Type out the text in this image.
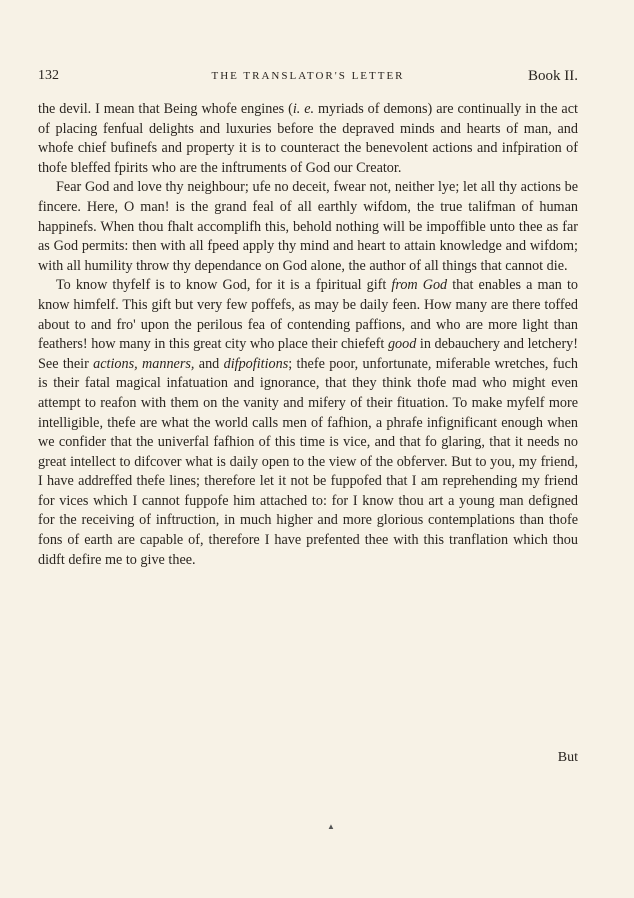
132	THE TRANSLATOR'S LETTER	Book II.

the devil. I mean that Being whofe engines (i. e. myriads of demons) are continually in the act of placing fenfual delights and luxuries before the depraved minds and hearts of man, and whofe chief bufinefs and property it is to counteract the benevolent actions and infpiration of thofe bleffed fpirits who are the inftruments of God our Creator.

Fear God and love thy neighbour; ufe no deceit, fwear not, neither lye; let all thy actions be fincere. Here, O man! is the grand feal of all earthly wifdom, the true talifman of human happinefs. When thou fhalt accomplifh this, behold nothing will be impoffible unto thee as far as God permits: then with all fpeed apply thy mind and heart to attain knowledge and wifdom; with all humility throw thy dependance on God alone, the author of all things that cannot die.

To know thyfelf is to know God, for it is a fpiritual gift from God that enables a man to know himfelf. This gift but very few poffefs, as may be daily feen. How many are there toffed about to and fro' upon the perilous fea of contending paffions, and who are more light than feathers! how many in this great city who place their chiefeft good in debauchery and letchery! See their actions, manners, and difpofitions; thefe poor, unfortunate, miferable wretches, fuch is their fatal magical infatuation and ignorance, that they think thofe mad who might even attempt to reafon with them on the vanity and mifery of their fituation. To make myfelf more intelligible, thefe are what the world calls men of fafhion, a phrafe infignificant enough when we confider that the univerfal fafhion of this time is vice, and that fo glaring, that it needs no great intellect to difcover what is daily open to the view of the obferver. But to you, my friend, I have addreffed thefe lines; therefore let it not be fuppofed that I am reprehending my friend for vices which I cannot fuppofe him attached to: for I know thou art a young man defigned for the receiving of inftruction, in much higher and more glorious contemplations than thofe fons of earth are capable of, therefore I have prefented thee with this tranflation which thou didft defire me to give thee.

But
▲
